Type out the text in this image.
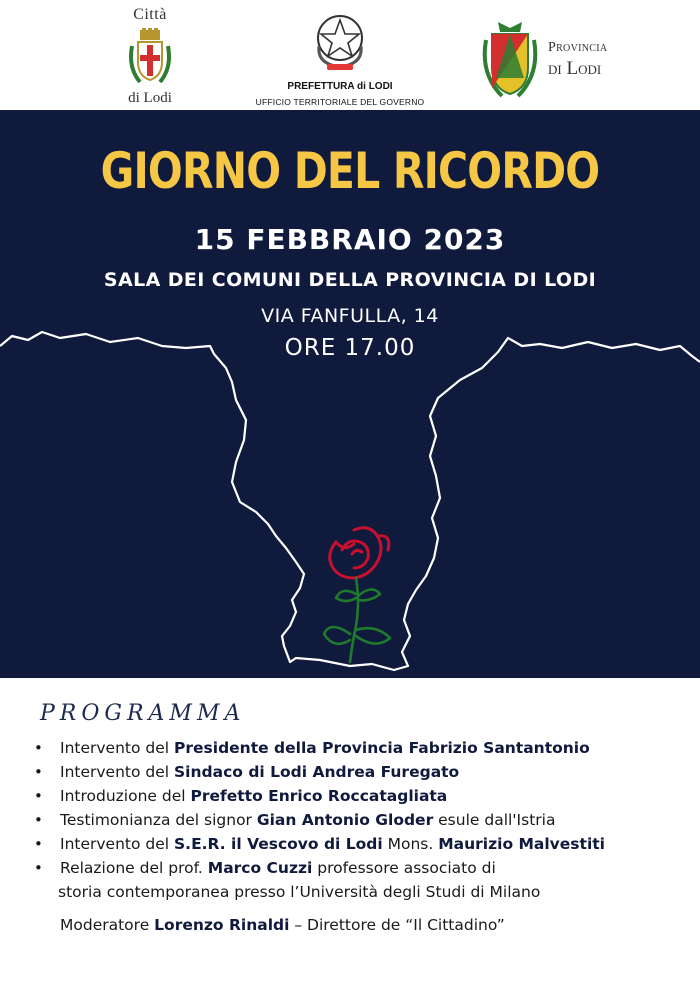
Città
di Lodi
PREFETTURA di LODI
UFFICIO TERRITORIALE DEL GOVERNO
Provincia
di Lodi
GIORNO DEL RICORDO
15 FEBBRAIO 2023
SALA DEI COMUNI DELLA PROVINCIA DI LODI
VIA FANFULLA, 14
ORE 17.00
PROGRAMMA
• Intervento del Presidente della Provincia Fabrizio Santantonio
• Intervento del Sindaco di Lodi Andrea Furegato
• Introduzione del Prefetto Enrico Roccatagliata
• Testimonianza del signor Gian Antonio Gloder esule dall'Istria
• Intervento del S.E.R. il Vescovo di Lodi Mons. Maurizio Malvestiti
• Relazione del prof. Marco Cuzzi professore associato di
storia contemporanea presso l’Università degli Studi di Milano
Moderatore Lorenzo Rinaldi – Direttore de “Il Cittadino”
